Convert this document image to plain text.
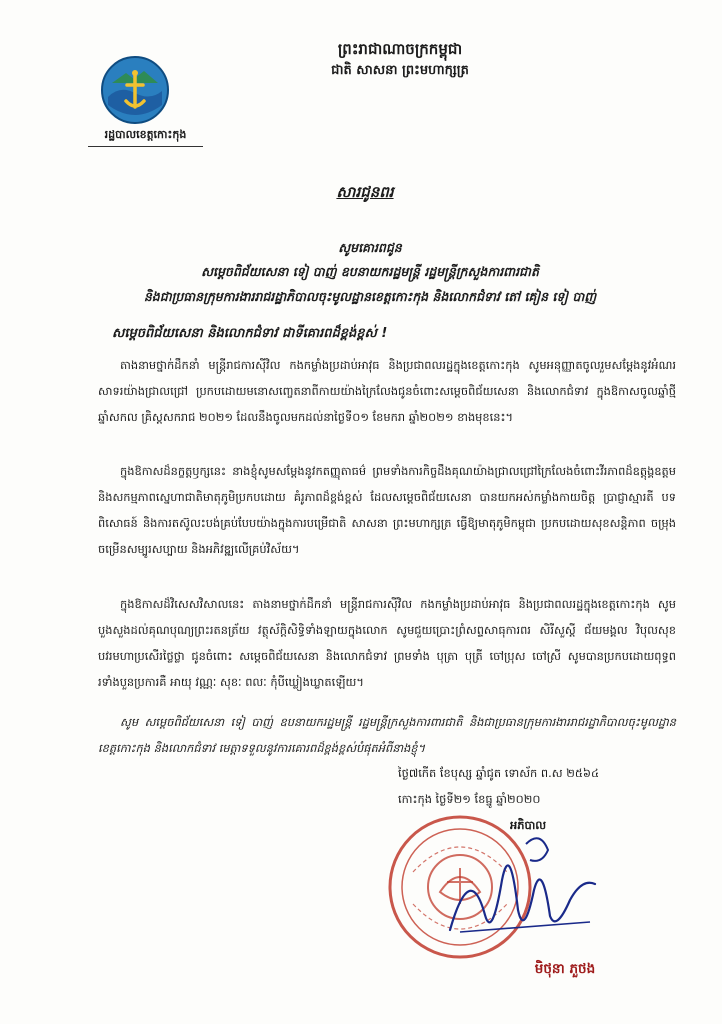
ព្រះរាជាណាចក្រកម្ពុជា
ជាតិ សាសនា ព្រះមហាក្សត្រ
រដ្ឋបាលខេត្តកោះកុង
សារជូនពរ
សូមគោរពជូន
សម្តេចពិជ័យសេនា ទៀ បាញ់ ឧបនាយករដ្ឋមន្ត្រី រដ្ឋមន្ត្រីក្រសួងការពារជាតិ
និងជាប្រធានក្រុមការងាររាជរដ្ឋាភិបាលចុះមូលដ្ឋានខេត្តកោះកុង និងលោកជំទាវ តៅ គៀន ទៀ បាញ់
សម្តេចពិជ័យសេនា និងលោកជំទាវ ជាទីគោរពដ៏ខ្ពង់ខ្ពស់ !
តាងនាមថ្នាក់ដឹកនាំ មន្ត្រីរាជការស៊ីវិល កងកម្លាំងប្រដាប់អាវុធ និងប្រជាពលរដ្ឋក្នុងខេត្តកោះកុង សូមអនុញ្ញាតចូលរួមសម្តែងនូវអំណរសាទរយ៉ាងជ្រាលជ្រៅ ប្រកបដោយមនោសញ្ចេតនាពីកាយយ៉ាងក្រៃលែងជូនចំពោះសម្តេចពិជ័យសេនា និងលោកជំទាវ ក្នុងឱកាសចូលឆ្នាំថ្មី ឆ្នាំសកល គ្រិស្តសករាជ ២០២១ ដែលនឹងចូលមកដល់នាថ្ងៃទី០១ ខែមករា ឆ្នាំ២០២១ ខាងមុខនេះ។
ក្នុងឱកាសដ៏នក្ខត្តឫក្សនេះ នាងខ្ញុំសូមសម្តែងនូវកតញ្ញុតាធម៌ ព្រមទាំងការកិច្ចដឹងគុណយ៉ាងជ្រាលជ្រៅក្រៃលែងចំពោះវីរភាពដ៏ឧត្តុង្គឧត្តម និងសកម្មភាពស្នេហាជាតិមាតុភូមិប្រកបដោយ គំរូភាពដ៏ខ្ពង់ខ្ពស់ ដែលសម្តេចពិជ័យសេនា បានយកអស់កម្លាំងកាយចិត្ត ប្រាជ្ញាស្មារតី បទពិសោធន៍ និងការតស៊ូលះបង់គ្រប់បែបយ៉ាងក្នុងការបម្រើជាតិ សាសនា ព្រះមហាក្សត្រ ធ្វើឱ្យមាតុភូមិកម្ពុជា ប្រកបដោយសុខសន្តិភាព ចម្រុងចម្រើនសម្បូរសប្បាយ និងអភិវឌ្ឍលើគ្រប់វិស័យ។
ក្នុងឱកាសដ៏វិសេសវិសាលនេះ តាងនាមថ្នាក់ដឹកនាំ មន្ត្រីរាជការស៊ីវិល កងកម្លាំងប្រដាប់អាវុធ និងប្រជាពលរដ្ឋក្នុងខេត្តកោះកុង សូមបួងសួងដល់គុណបុណ្យព្រះរតនត្រ័យ វត្ថុស័ក្តិសិទ្ធិទាំងឡាយក្នុងលោក សូមជួយប្រោះព្រំសព្ទសាធុការពរ សិរីសួស្តី ជ័យមង្គល វិបុលសុខ បវរមហាប្រសើរថ្លៃថ្លា ជូនចំពោះ សម្តេចពិជ័យសេនា និងលោកជំទាវ ព្រមទាំង បុត្រា បុត្រី ចៅប្រុស ចៅស្រី សូមបានប្រកបដោយពុទ្ធពរទាំងបួនប្រការគឺ អាយុ វណ្ណៈ សុខៈ ពលៈ កុំបីឃ្លៀងឃ្លាតឡើយ។
សូម សម្តេចពិជ័យសេនា ទៀ បាញ់ ឧបនាយករដ្ឋមន្ត្រី រដ្ឋមន្ត្រីក្រសួងការពារជាតិ និងជាប្រធានក្រុមការងាររាជរដ្ឋាភិបាលចុះមូលដ្ឋានខេត្តកោះកុង និងលោកជំទាវ មេត្តាទទួលនូវការគោរពដ៏ខ្ពង់ខ្ពស់បំផុតអំពីនាងខ្ញុំ។
ថ្ងៃ៧កើត ខែបុស្ស ឆ្នាំជូត ទោស័ក ព.ស ២៥៦៤
កោះកុង ថ្ងៃទី២១ ខែធ្នូ ឆ្នាំ២០២០
អភិបាល
មិថុនា ភួថង
